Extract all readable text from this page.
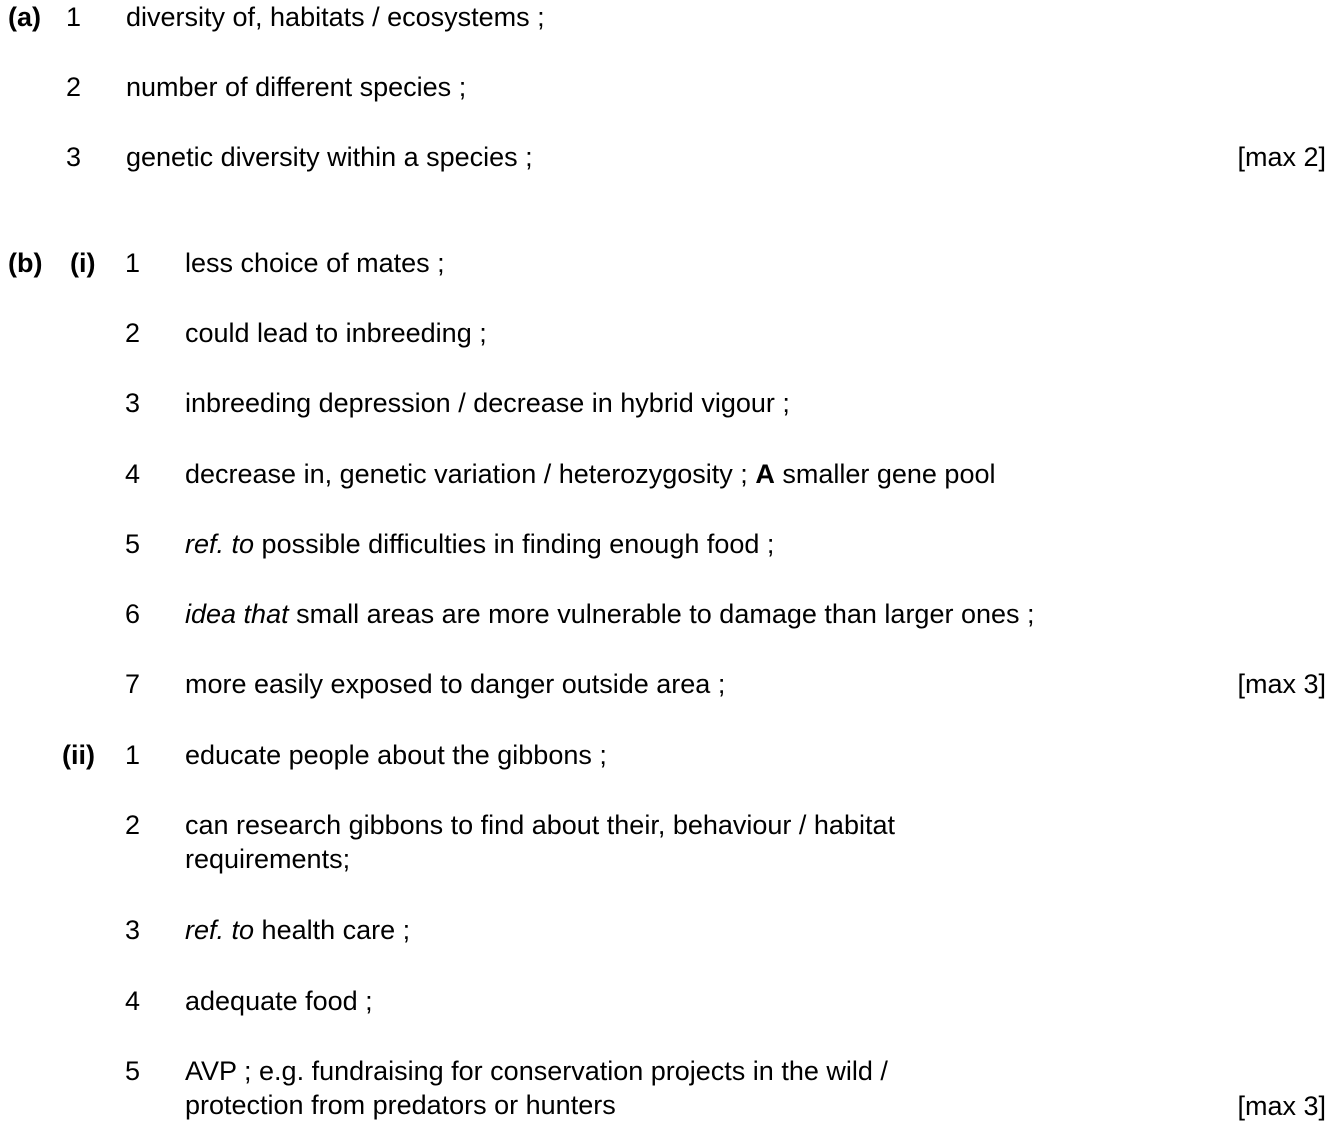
(a) 1 diversity of, habitats / ecosystems ;
2 number of different species ;
3 genetic diversity within a species ;	[max 2]
(b) (i) 1 less choice of mates ;
2 could lead to inbreeding ;
3 inbreeding depression / decrease in hybrid vigour ;
4 decrease in, genetic variation / heterozygosity ; A smaller gene pool
5 ref. to possible difficulties in finding enough food ;
6 idea that small areas are more vulnerable to damage than larger ones ;
7 more easily exposed to danger outside area ;	[max 3]
(ii) 1 educate people about the gibbons ;
2 can research gibbons to find about their, behaviour / habitat
requirements;
3 ref. to health care ;
4 adequate food ;
5 AVP ; e.g. fundraising for conservation projects in the wild /
protection from predators or hunters	[max 3]
